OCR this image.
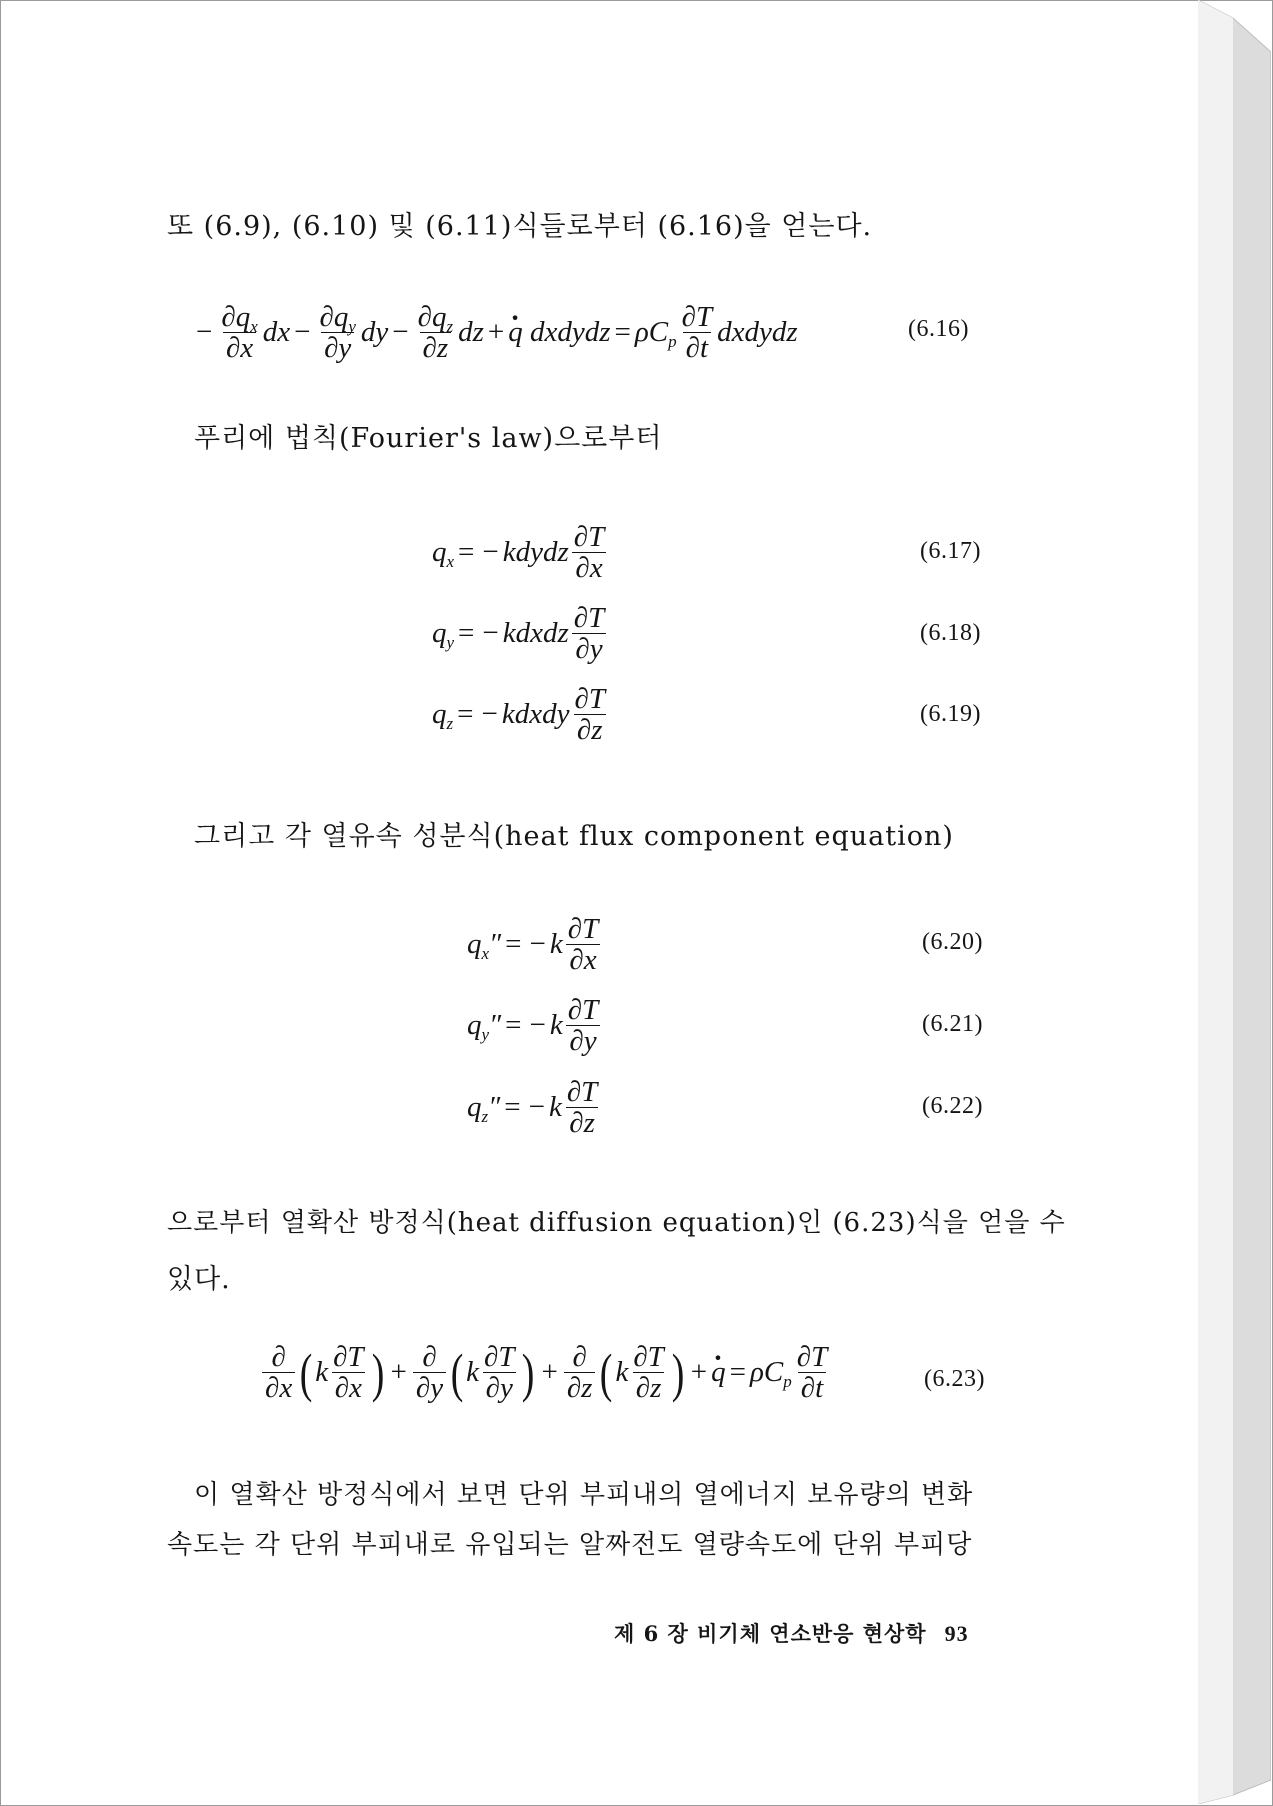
또 (6.9), (6.10) 및 (6.11)식들로부터 (6.16)을 얻는다.

− $\frac{\partial q_x}{\partial x}$ dx − $\frac{\partial q_y}{\partial y}$ dy − $\frac{\partial q_z}{\partial z}$ dz + · q dxdydz = $\rho C_p \frac{\partial T}{\partial t}$ dxdydz	(6.16)

푸리에 법칙(Fourier's law)으로부터

$q_x$ = − kdydz $\frac{\partial T}{\partial x}$	(6.17)
$q_y$ = − kdxdz $\frac{\partial T}{\partial y}$	(6.18)
$q_z$ = − kdxdy $\frac{\partial T}{\partial z}$	(6.19)

그리고 각 열유속 성분식(heat flux component equation)

$q_x''$ = − k $\frac{\partial T}{\partial x}$	(6.20)
$q_y''$ = − k $\frac{\partial T}{\partial y}$	(6.21)
$q_z''$ = − k $\frac{\partial T}{\partial z}$	(6.22)

으로부터 열확산 방정식(heat diffusion equation)인 (6.23)식을 얻을 수

있다.

$\frac{\partial}{\partial x}$ ( k $\frac{\partial T}{\partial x}$ ) + $\frac{\partial}{\partial y}$ ( k $\frac{\partial T}{\partial y}$ ) + $\frac{\partial}{\partial z}$ ( k $\frac{\partial T}{\partial z}$ ) + · $q = \rho C_p \frac{\partial T}{\partial t}$	(6.23)

이 열확산 방정식에서 보면 단위 부피내의 열에너지 보유량의 변화

속도는 각 단위 부피내로 유입되는 알짜전도 열량속도에 단위 부피당

제 6 장 비기체 연소반응 현상학 93
